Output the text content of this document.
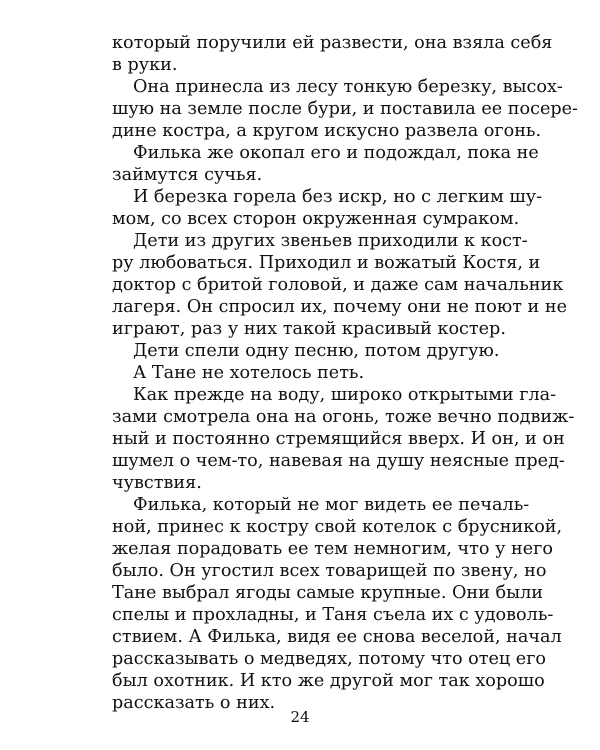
который поручили ей развести, она взяла себя
в руки.
Она принесла из лесу тонкую березку, высох-
шую на земле после бури, и поставила ее посере-
дине костра, а кругом искусно развела огонь.
Филька же окопал его и подождал, пока не
займутся сучья.
И березка горела без искр, но с легким шу-
мом, со всех сторон окруженная сумраком.
Дети из других звеньев приходили к кост-
ру любоваться. Приходил и вожатый Костя, и
доктор с бритой головой, и даже сам начальник
лагеря. Он спросил их, почему они не поют и не
играют, раз у них такой красивый костер.
Дети спели одну песню, потом другую.
А Тане не хотелось петь.
Как прежде на воду, широко открытыми гла-
зами смотрела она на огонь, тоже вечно подвиж-
ный и постоянно стремящийся вверх. И он, и он
шумел о чем-то, навевая на душу неясные пред-
чувствия.
Филька, который не мог видеть ее печаль-
ной, принес к костру свой котелок с брусникой,
желая порадовать ее тем немногим, что у него
было. Он угостил всех товарищей по звену, но
Тане выбрал ягоды самые крупные. Они были
спелы и прохладны, и Таня съела их с удоволь-
ствием. А Филька, видя ее снова веселой, начал
рассказывать о медведях, потому что отец его
был охотник. И кто же другой мог так хорошо
рассказать о них.
24
